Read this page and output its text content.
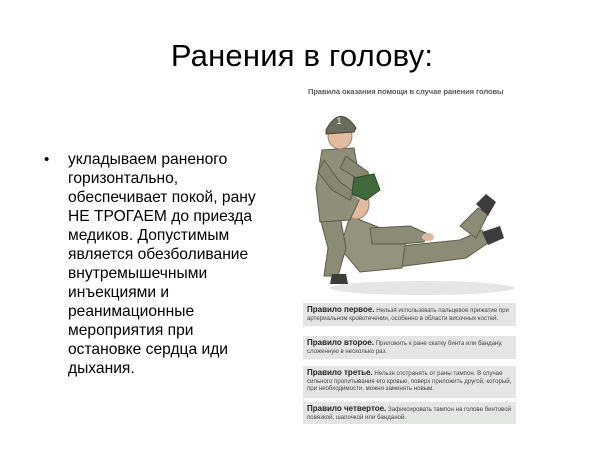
Ранения в голову:
• укладываем раненого горизонтально, обеспечивает покой, рану НЕ ТРОГАЕМ до приезда медиков. Допустимым является обезболивание внутремышечными инъекциями и реанимационные мероприятия при остановке сердца иди дыхания.
Правила оказания помощи в случае ранения головы
1
Правило первое. Нельзя использовать пальцевое прижатие при артериальном кровотечении, особенно в области височных костей.
Правило второе. Приложить к ране скатку бинта или бандану, сложенную в несколько раз.
Правило третье. Нельзя отстранять от раны тампон. В случае сильного пропитывания его кровью, поверх приложить другой, который, при необходимости, можно заменять новым.
Правило четвертое. Зафиксировать тампон на голове бинтовой повязкой, шапочкой или банданой.
